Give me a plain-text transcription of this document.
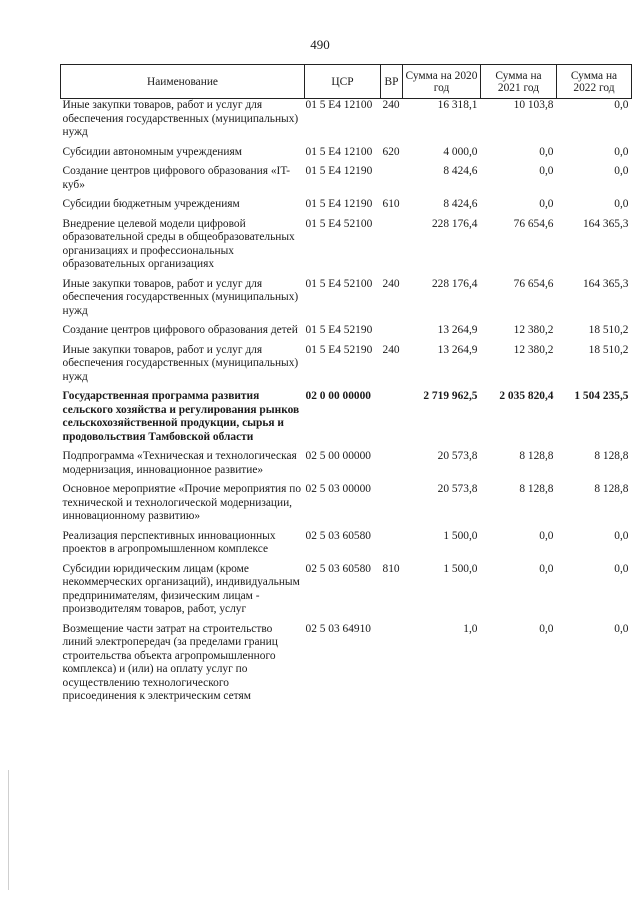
490
Наименование	ЦСР	ВР	Сумма на 2020 год	Сумма на 2021 год	Сумма на 2022 год
Иные закупки товаров, работ и услуг для обеспечения государственных (муниципальных) нужд	01 5 Е4 12100	240	16 318,1	10 103,8	0,0
Субсидии автономным учреждениям	01 5 Е4 12100	620	4 000,0	0,0	0,0
Создание центров цифрового образования «IT-куб»	01 5 Е4 12190		8 424,6	0,0	0,0
Субсидии бюджетным учреждениям	01 5 Е4 12190	610	8 424,6	0,0	0,0
Внедрение целевой модели цифровой образовательной среды в общеобразовательных организациях и профессиональных образовательных организациях	01 5 Е4 52100		228 176,4	76 654,6	164 365,3
Иные закупки товаров, работ и услуг для обеспечения государственных (муниципальных) нужд	01 5 Е4 52100	240	228 176,4	76 654,6	164 365,3
Создание центров цифрового образования детей	01 5 Е4 52190		13 264,9	12 380,2	18 510,2
Иные закупки товаров, работ и услуг для обеспечения государственных (муниципальных) нужд	01 5 Е4 52190	240	13 264,9	12 380,2	18 510,2
Государственная программа развития сельского хозяйства и регулирования рынков сельскохозяйственной продукции, сырья и продовольствия Тамбовской области	02 0 00 00000		2 719 962,5	2 035 820,4	1 504 235,5
Подпрограмма «Техническая и технологическая модернизация, инновационное развитие»	02 5 00 00000		20 573,8	8 128,8	8 128,8
Основное мероприятие «Прочие мероприятия по технической и технологической модернизации, инновационному развитию»	02 5 03 00000		20 573,8	8 128,8	8 128,8
Реализация перспективных инновационных проектов в агропромышленном комплексе	02 5 03 60580		1 500,0	0,0	0,0
Субсидии юридическим лицам (кроме некоммерческих организаций), индивидуальным предпринимателям, физическим лицам - производителям товаров, работ, услуг	02 5 03 60580	810	1 500,0	0,0	0,0
Возмещение части затрат на строительство линий электропередач (за пределами границ строительства объекта агропромышленного комплекса) и (или) на оплату услуг по осуществлению технологического присоединения к электрическим сетям	02 5 03 64910		1,0	0,0	0,0
